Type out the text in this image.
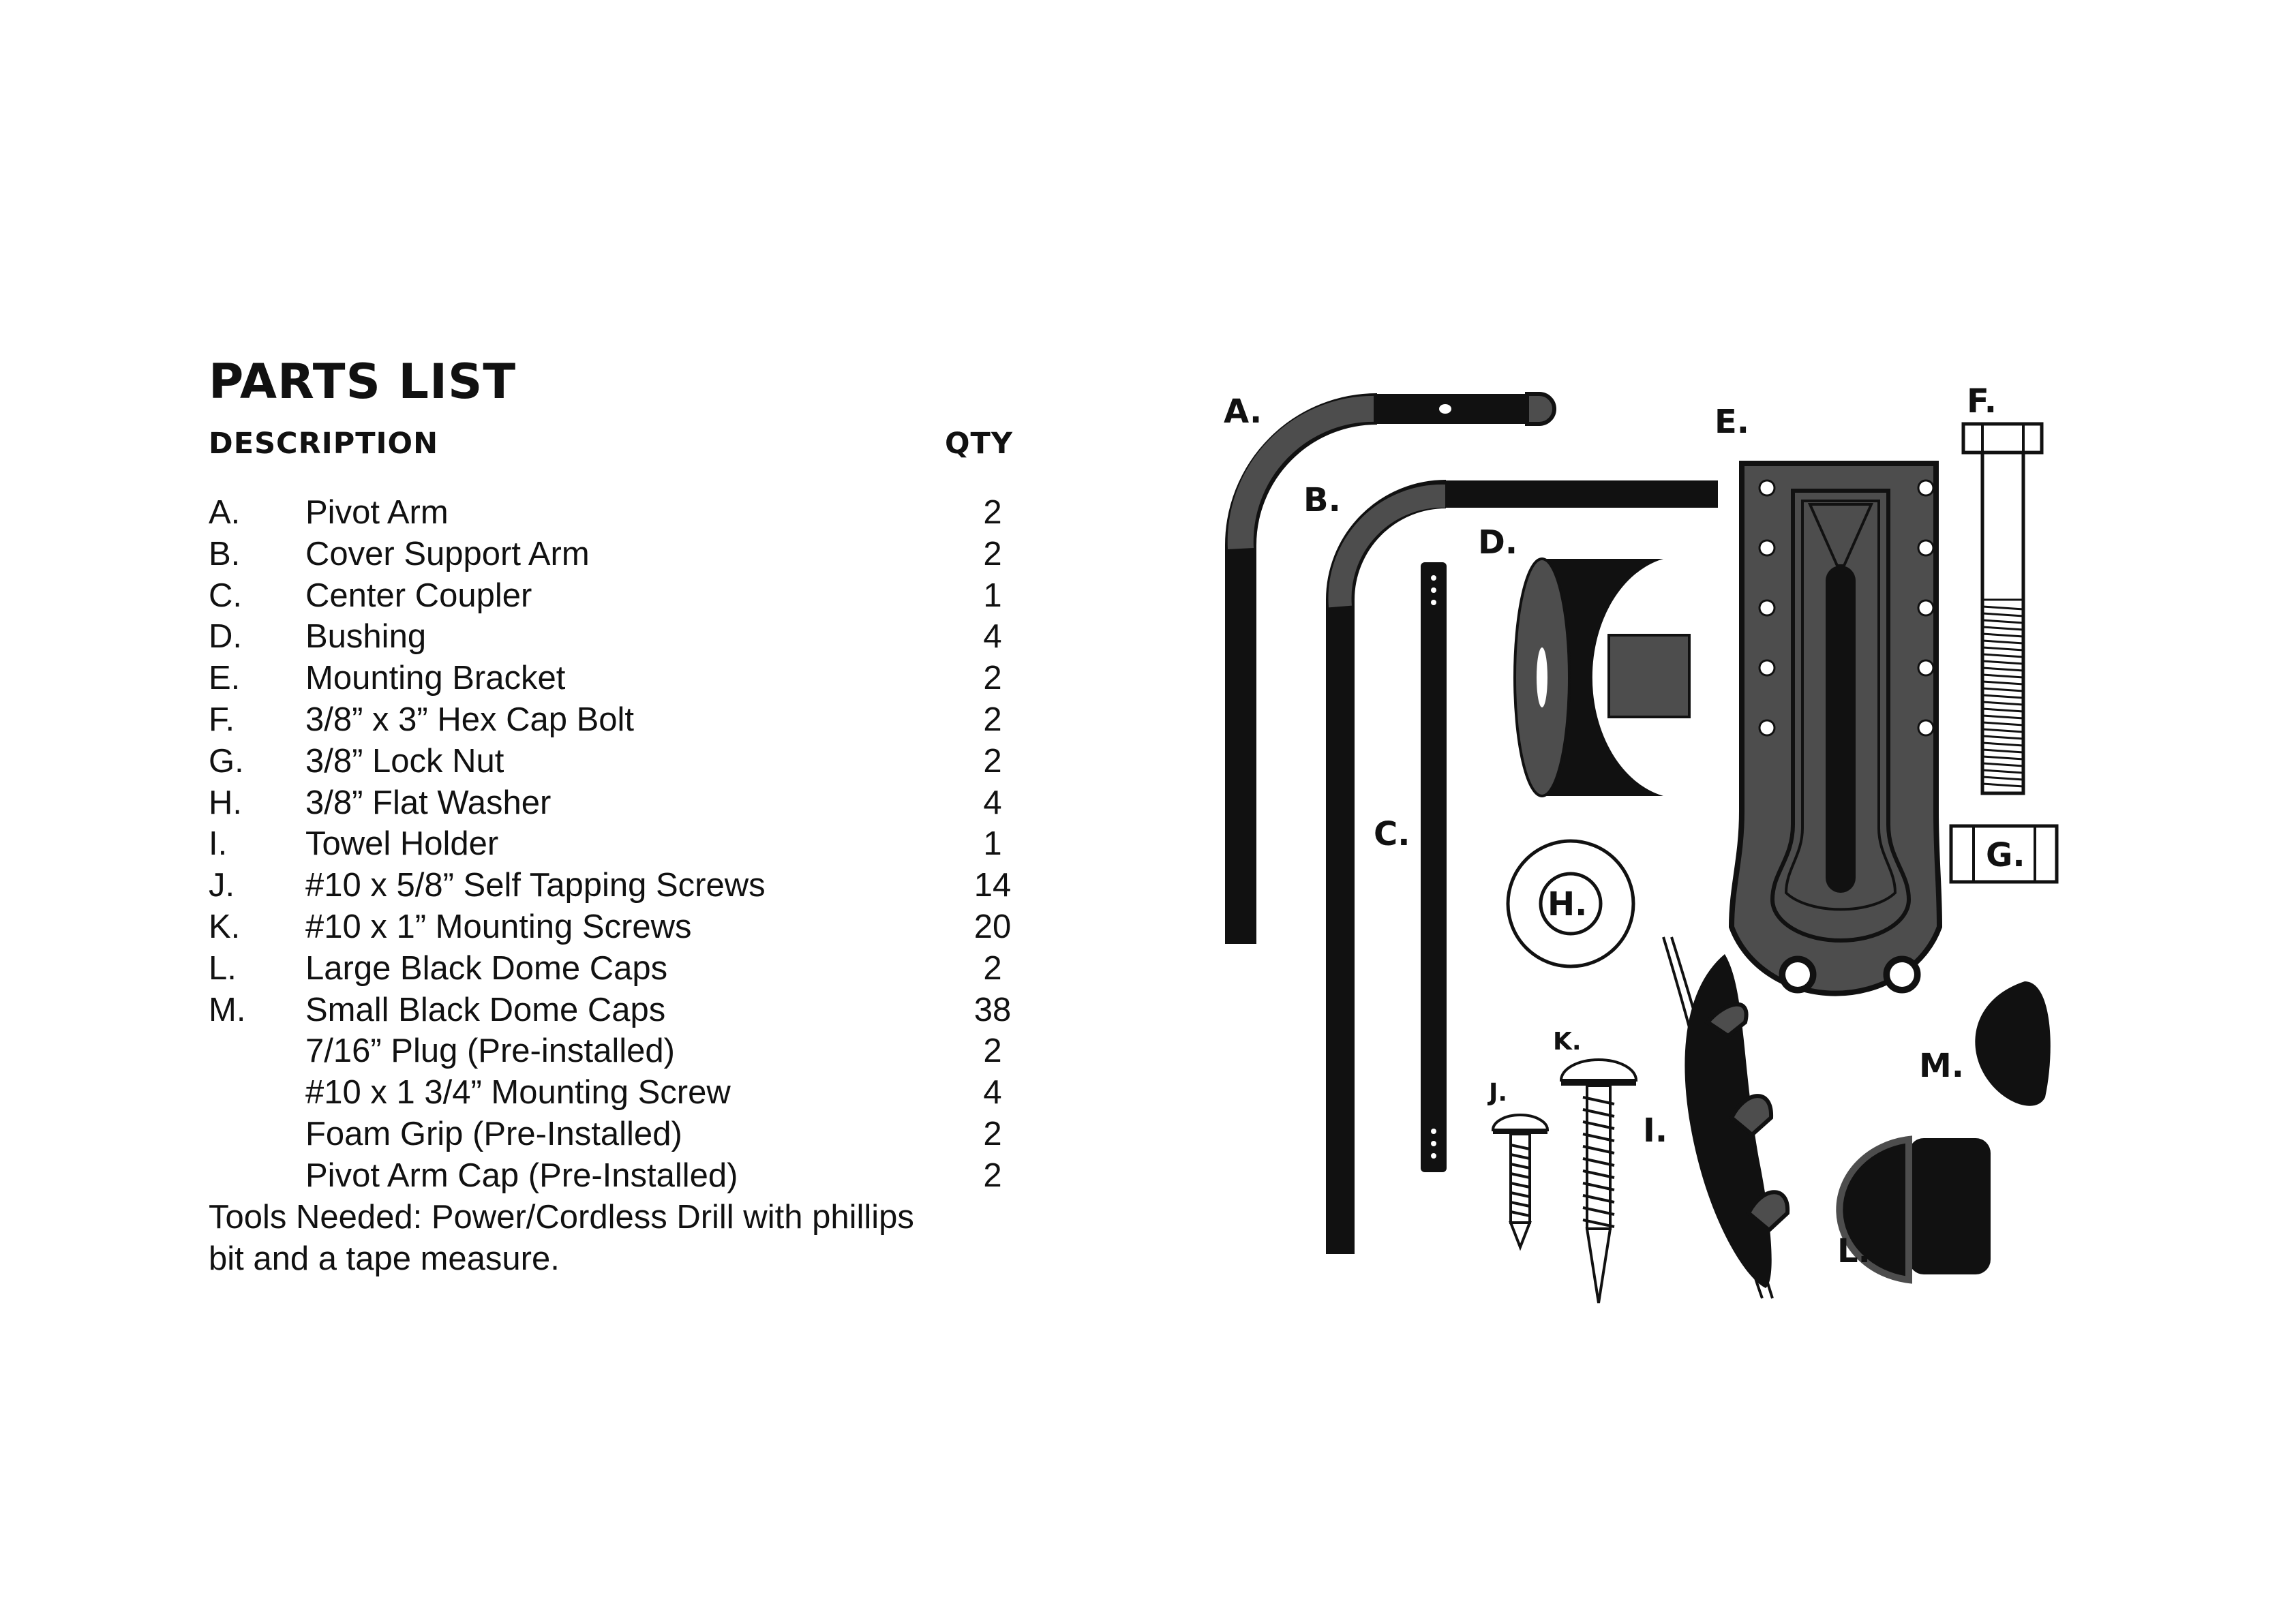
PARTS LIST
DESCRIPTION	QTY
A. Pivot Arm	2
B. Cover Support Arm	2
C. Center Coupler	1
D. Bushing	4
E. Mounting Bracket	2
F. 3/8” x 3” Hex Cap Bolt	2
G. 3/8” Lock Nut	2
H. 3/8” Flat Washer	4
I. Towel Holder	1
J. #10 x 5/8” Self Tapping Screws	14
K. #10 x 1” Mounting Screws	20
L. Large Black Dome Caps	2
M. Small Black Dome Caps	38
7/16” Plug (Pre-installed)	2
#10 x 1 3/4” Mounting Screw	4
Foam Grip (Pre-Installed)	2
Pivot Arm Cap (Pre-Installed)	2
Tools Needed: Power/Cordless Drill with phillips bit and a tape measure.
A.
B.
C.
D.
E.
F.
G.
H.
I.
J.
K.
L.
M.
